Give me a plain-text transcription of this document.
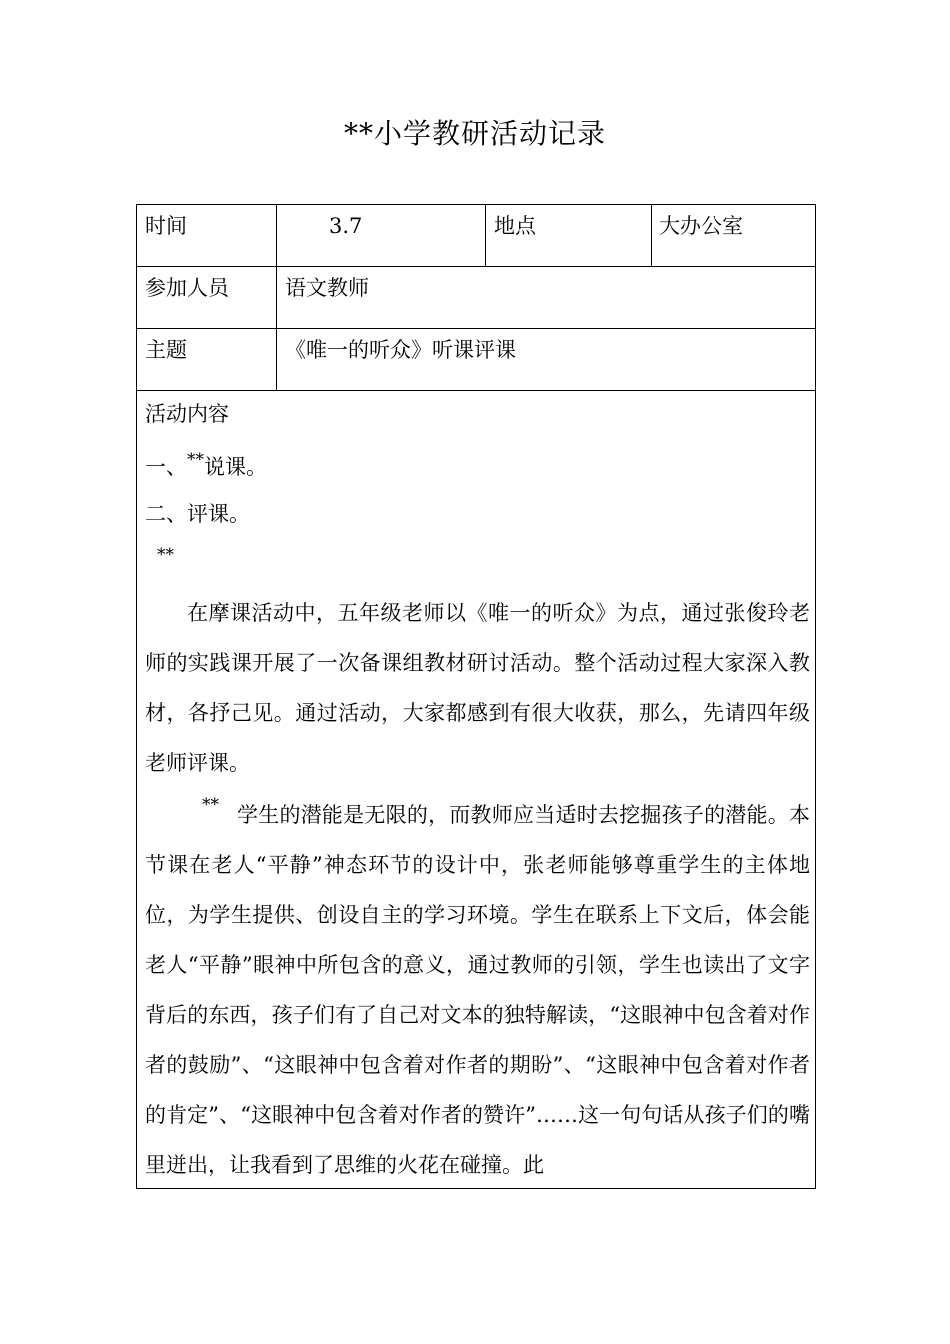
**小学教研活动记录
时间	3.7	地点	大办公室
参加人员	语文教师
主题	《唯一的听众》听课评课
活动内容
一、**说课。
二、评课。
**

在摩课活动中，五年级老师以《唯一的听众》为点，通过张俊玲老师的实践课开展了一次备课组教材研讨活动。整个活动过程大家深入教材，各抒己见。通过活动，大家都感到有很大收获，那么，先请四年级老师评课。

** 学生的潜能是无限的，而教师应当适时去挖掘孩子的潜能。本节课在老人“平静”神态环节的设计中，张老师能够尊重学生的主体地位，为学生提供、创设自主的学习环境。学生在联系上下文后，体会能老人“平静”眼神中所包含的意义，通过教师的引领，学生也读出了文字背后的东西，孩子们有了自己对文本的独特解读，“这眼神中包含着对作者的鼓励”、“这眼神中包含着对作者的期盼”、“这眼神中包含着对作者的肯定”、“这眼神中包含着对作者的赞许”……这一句句话从孩子们的嘴里迸出，让我看到了思维的火花在碰撞。此
